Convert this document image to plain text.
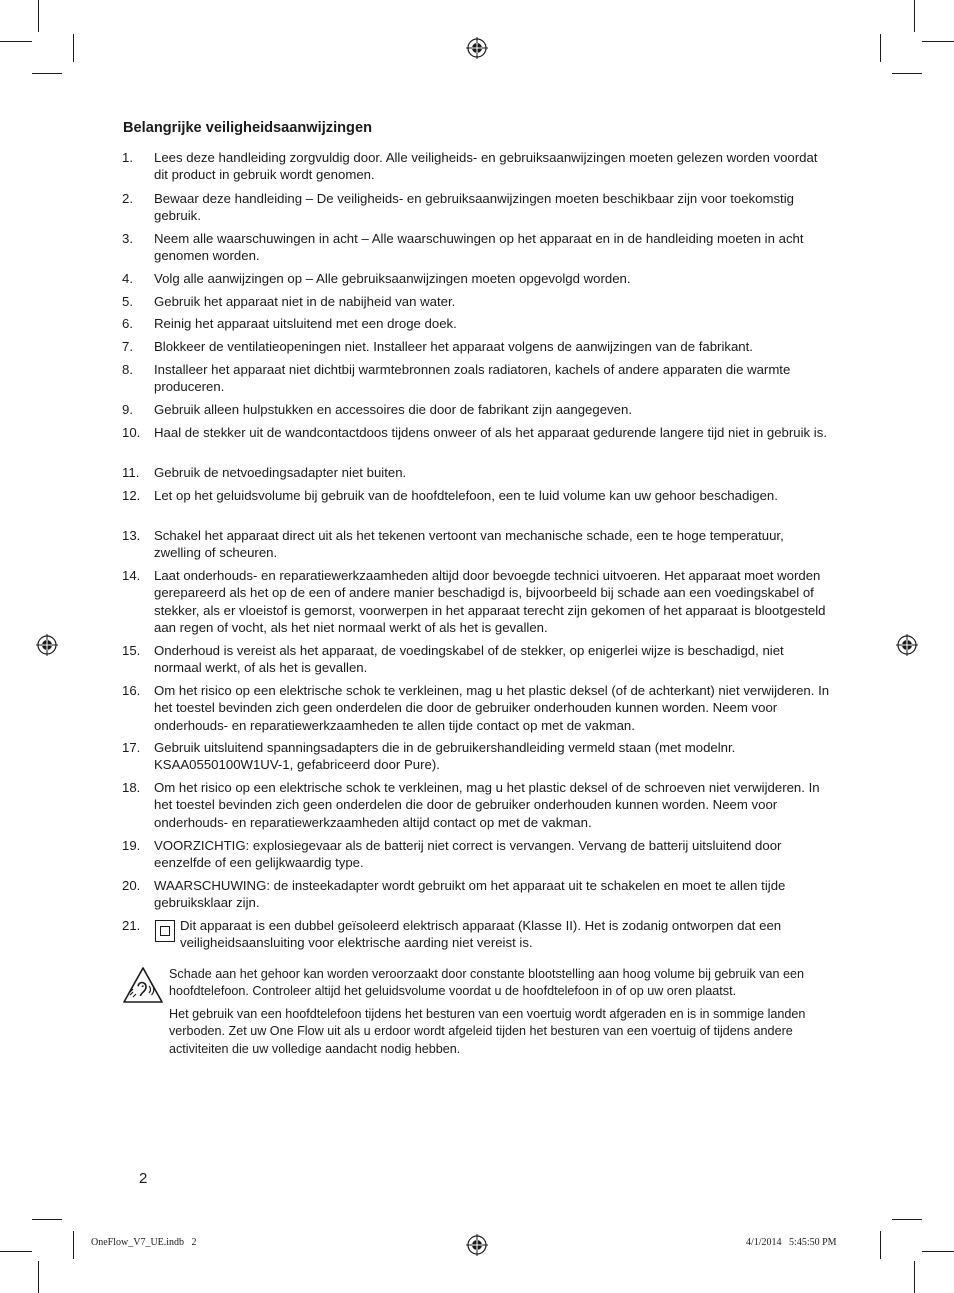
Belangrijke veiligheidsaanwijzingen
1. Lees deze handleiding zorgvuldig door. Alle veiligheids- en gebruiksaanwijzingen moeten gelezen worden voordat dit product in gebruik wordt genomen.
2. Bewaar deze handleiding – De veiligheids- en gebruiksaanwijzingen moeten beschikbaar zijn voor toekomstig gebruik.
3. Neem alle waarschuwingen in acht – Alle waarschuwingen op het apparaat en in de handleiding moeten in acht genomen worden.
4. Volg alle aanwijzingen op – Alle gebruiksaanwijzingen moeten opgevolgd worden.
5. Gebruik het apparaat niet in de nabijheid van water.
6. Reinig het apparaat uitsluitend met een droge doek.
7. Blokkeer de ventilatieopeningen niet. Installeer het apparaat volgens de aanwijzingen van de fabrikant.
8. Installeer het apparaat niet dichtbij warmtebronnen zoals radiatoren, kachels of andere apparaten die warmte produceren.
9. Gebruik alleen hulpstukken en accessoires die door de fabrikant zijn aangegeven.
10. Haal de stekker uit de wandcontactdoos tijdens onweer of als het apparaat gedurende langere tijd niet in gebruik is.
11. Gebruik de netvoedingsadapter niet buiten.
12. Let op het geluidsvolume bij gebruik van de hoofdtelefoon, een te luid volume kan uw gehoor beschadigen.
13. Schakel het apparaat direct uit als het tekenen vertoont van mechanische schade, een te hoge temperatuur, zwelling of scheuren.
14. Laat onderhouds- en reparatiewerkzaamheden altijd door bevoegde technici uitvoeren. Het apparaat moet worden gerepareerd als het op de een of andere manier beschadigd is, bijvoorbeeld bij schade aan een voedingskabel of stekker, als er vloeistof is gemorst, voorwerpen in het apparaat terecht zijn gekomen of het apparaat is blootgesteld aan regen of vocht, als het niet normaal werkt of als het is gevallen.
15. Onderhoud is vereist als het apparaat, de voedingskabel of de stekker, op enigerlei wijze is beschadigd, niet normaal werkt, of als het is gevallen.
16. Om het risico op een elektrische schok te verkleinen, mag u het plastic deksel (of de achterkant) niet verwijderen. In het toestel bevinden zich geen onderdelen die door de gebruiker onderhouden kunnen worden. Neem voor onderhouds- en reparatiewerkzaamheden te allen tijde contact op met de vakman.
17. Gebruik uitsluitend spanningsadapters die in de gebruikershandleiding vermeld staan (met modelnr. KSAA0550100W1UV-1, gefabriceerd door Pure).
18. Om het risico op een elektrische schok te verkleinen, mag u het plastic deksel of de schroeven niet verwijderen. In het toestel bevinden zich geen onderdelen die door de gebruiker onderhouden kunnen worden. Neem voor onderhouds- en reparatiewerkzaamheden altijd contact op met de vakman.
19. VOORZICHTIG: explosiegevaar als de batterij niet correct is vervangen. Vervang de batterij uitsluitend door eenzelfde of een gelijkwaardig type.
20. WAARSCHUWING: de insteekadapter wordt gebruikt om het apparaat uit te schakelen en moet te allen tijde gebruiksklaar zijn.
21.	Dit apparaat is een dubbel geïsoleerd elektrisch apparaat (Klasse II). Het is zodanig ontworpen dat een veiligheidsaansluiting voor elektrische aarding niet vereist is.

Schade aan het gehoor kan worden veroorzaakt door constante blootstelling aan hoog volume bij gebruik van een hoofdtelefoon. Controleer altijd het geluidsvolume voordat u de hoofdtelefoon in of op uw oren plaatst.

Het gebruik van een hoofdtelefoon tijdens het besturen van een voertuig wordt afgeraden en is in sommige landen verboden. Zet uw One Flow uit als u erdoor wordt afgeleid tijden het besturen van een voertuig of tijdens andere activiteiten die uw volledige aandacht nodig hebben.

2
OneFlow_V7_UE.indb   2	4/1/2014   5:45:50 PM
